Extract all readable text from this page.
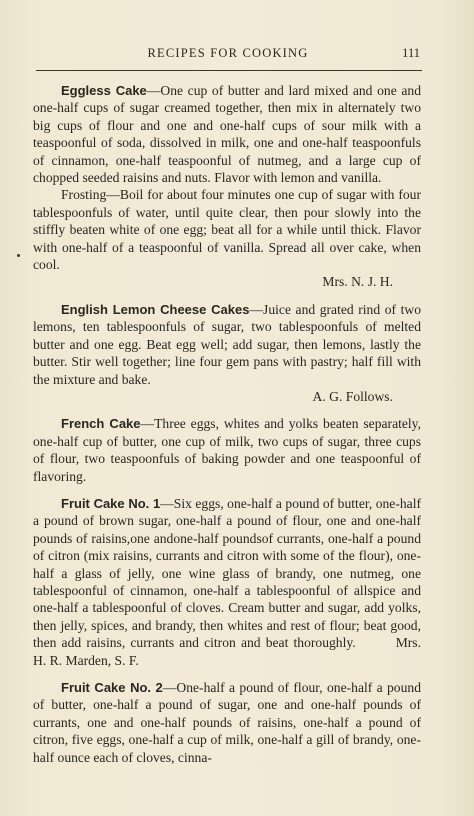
RECIPES FOR COOKING	111

Eggless Cake—One cup of butter and lard mixed and one and one-half cups of sugar creamed together, then mix in alternately two big cups of flour and one and one-half cups of sour milk with a teaspoonful of soda, dissolved in milk, one and one-half teaspoonfuls of cinnamon, one-half teaspoonful of nutmeg, and a large cup of chopped seeded raisins and nuts. Flavor with lemon and vanilla.

Frosting—Boil for about four minutes one cup of sugar with four tablespoonfuls of water, until quite clear, then pour slowly into the stiffly beaten white of one egg; beat all for a while until thick. Flavor with one-half of a teaspoonful of vanilla. Spread all over cake, when cool.

Mrs. N. J. H.

English Lemon Cheese Cakes—Juice and grated rind of two lemons, ten tablespoonfuls of sugar, two tablespoonfuls of melted butter and one egg. Beat egg well; add sugar, then lemons, lastly the butter. Stir well together; line four gem pans with pastry; half fill with the mixture and bake.

A. G. Follows.

French Cake—Three eggs, whites and yolks beaten separately, one-half cup of butter, one cup of milk, two cups of sugar, three cups of flour, two teaspoonfuls of baking powder and one teaspoonful of flavoring.

Fruit Cake No. 1—Six eggs, one-half a pound of butter, one-half a pound of brown sugar, one-half a pound of flour, one and one-half pounds of raisins,one andone-half poundsof currants, one-half a pound of citron (mix raisins, currants and citron with some of the flour), one-half a glass of jelly, one wine glass of brandy, one nutmeg, one tablespoonful of cinnamon, one-half a tablespoonful of allspice and one-half a tablespoonful of cloves. Cream butter and sugar, add yolks, then jelly, spices, and brandy, then whites and rest of flour; beat good, then add raisins, currants and citron and beat thoroughly.	Mrs. H. R. Marden, S. F.

Fruit Cake No. 2—One-half a pound of flour, one-half a pound of butter, one-half a pound of sugar, one and one-half pounds of currants, one and one-half pounds of raisins, one-half a pound of citron, five eggs, one-half a cup of milk, one-half a gill of brandy, one-half ounce each of cloves, cinna-
